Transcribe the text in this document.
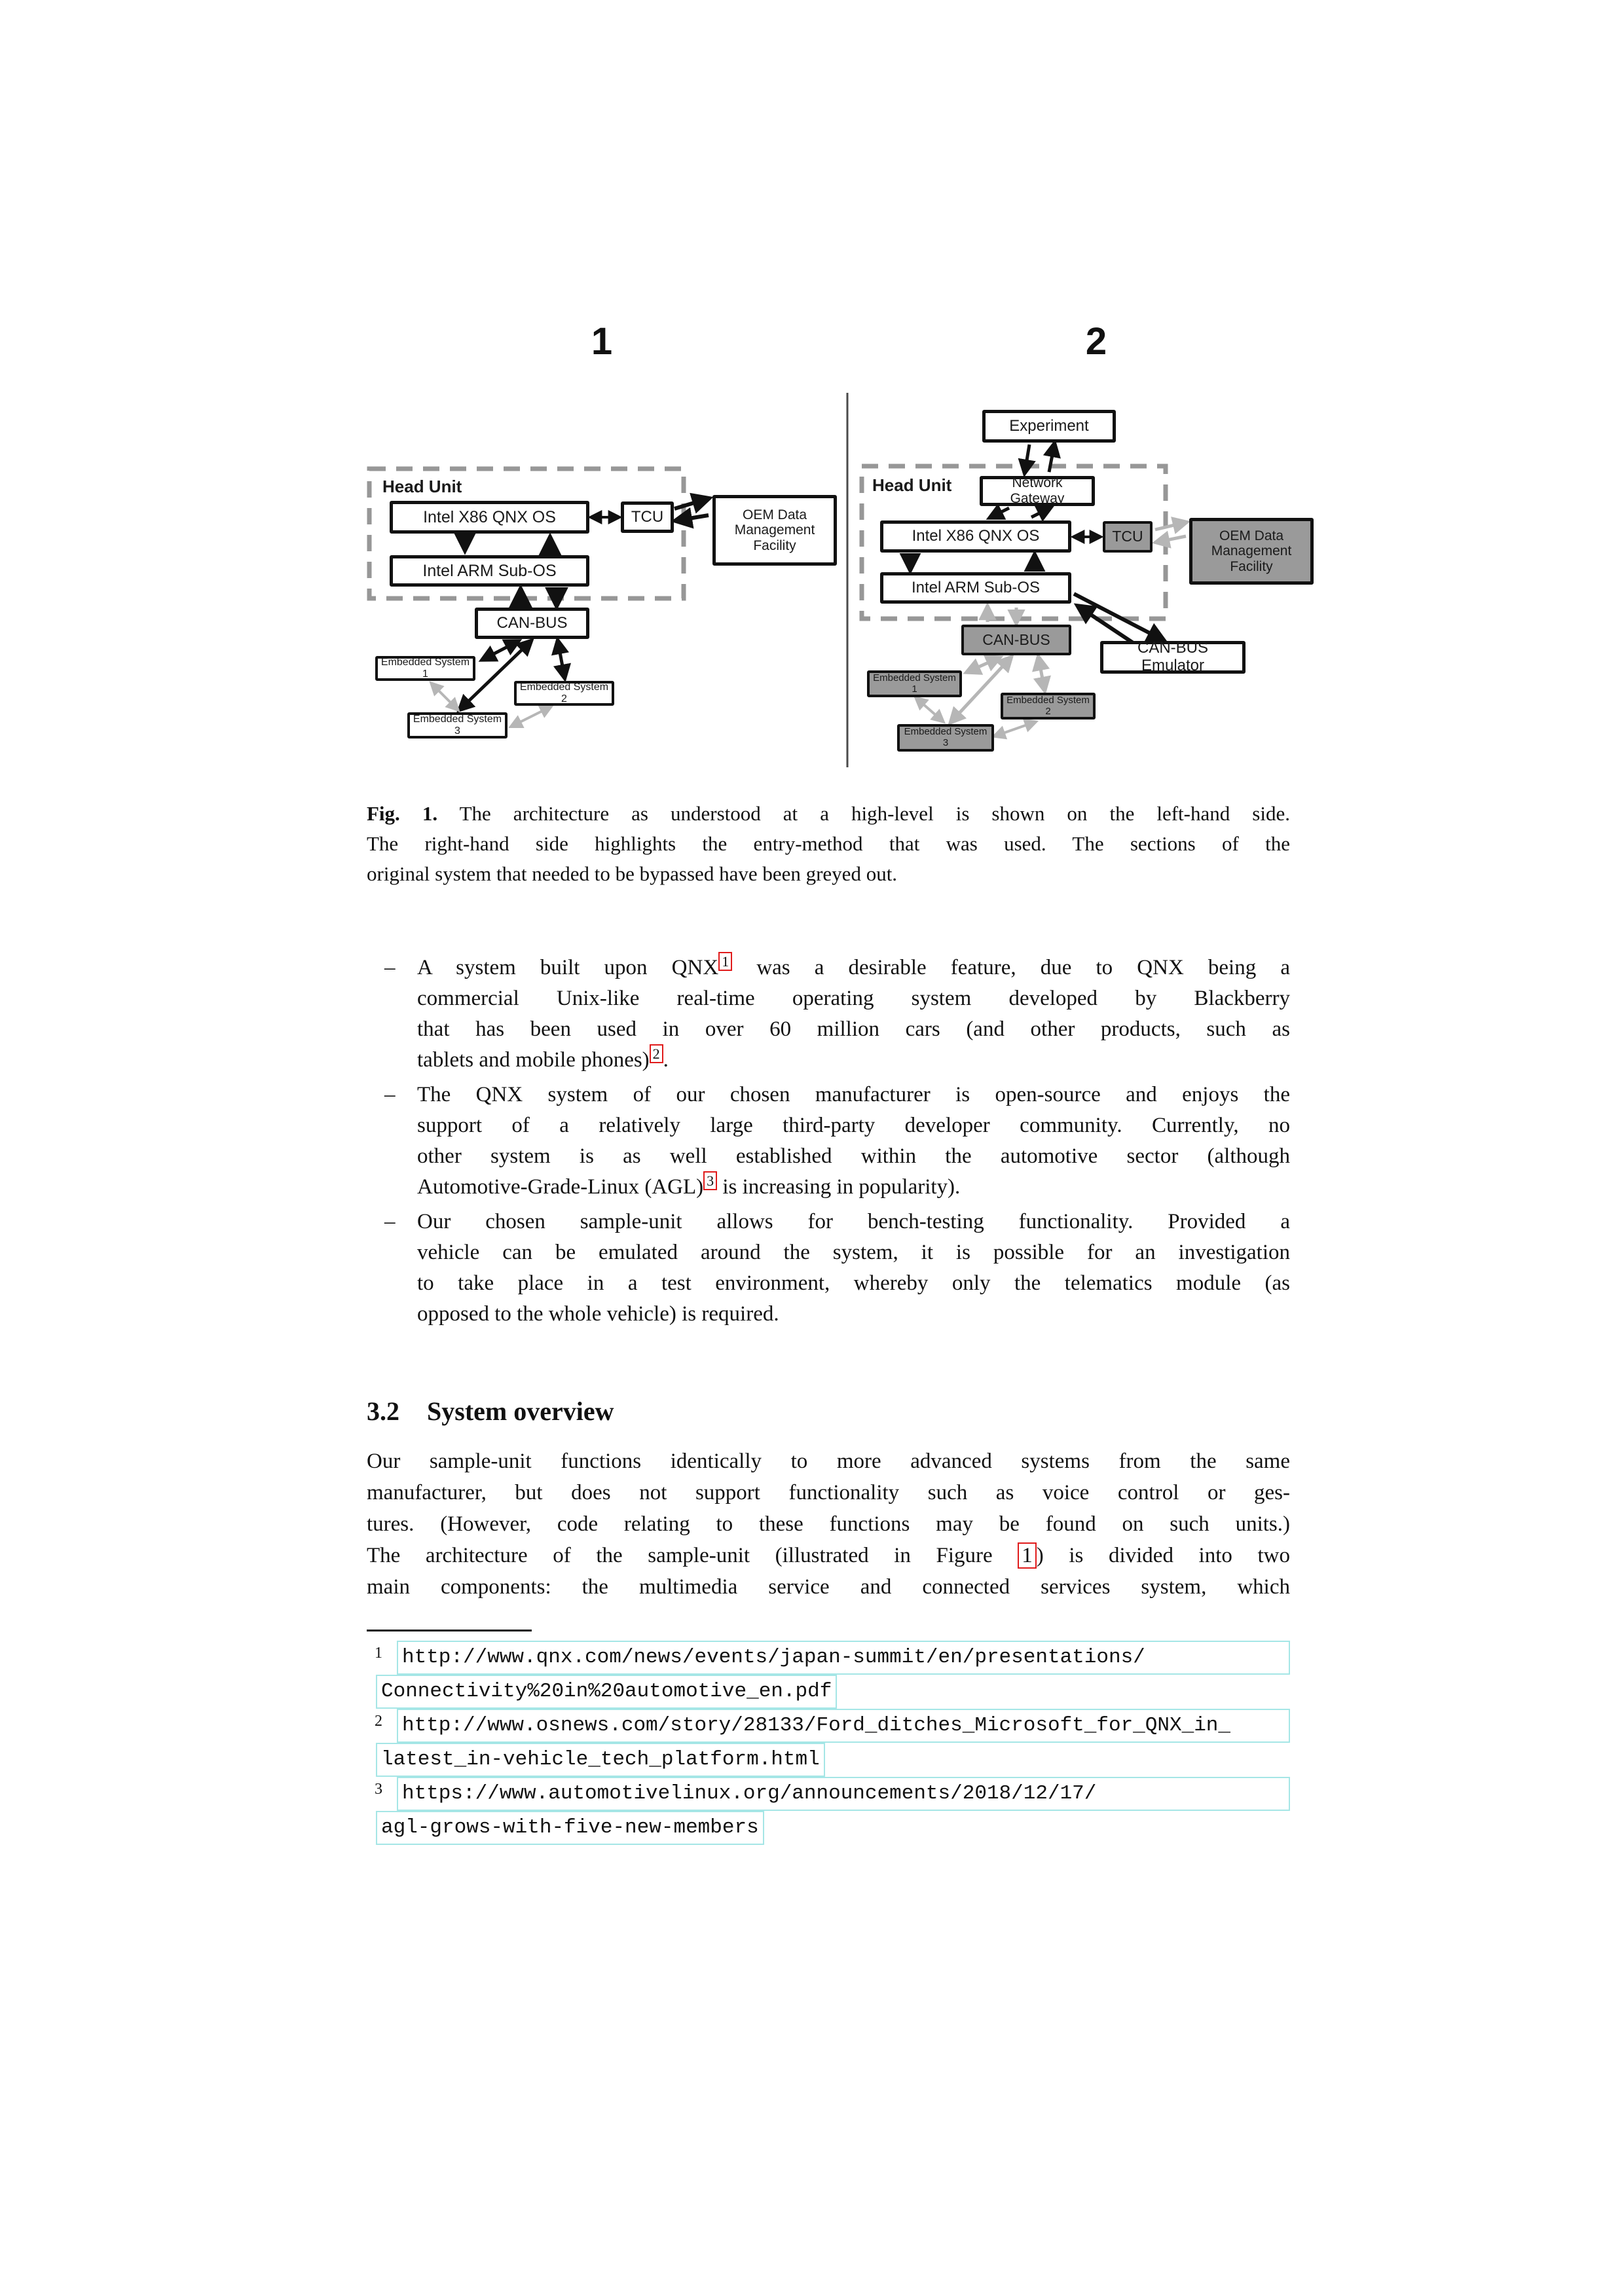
1
Head Unit
Intel X86 QNX OS
Intel ARM Sub-OS
TCU	OEM Data
Management Facility
CAN-BUS
Embedded System 1
Embedded System 2
Embedded System 3
2
Head Unit
Experiment
Network Gateway
Intel X86 QNX OS	TCU	OEM Data
Management Facility
Intel ARM Sub-OS
CAN-BUS	CAN-BUS Emulator
Embedded System 1
Embedded System 2
Embedded System 3
Fig. 1. The architecture as understood at a high-level is shown on the left-hand side.
The right-hand side highlights the entry-method that was used. The sections of the
original system that needed to be bypassed have been greyed out.
– A system built upon QNX $^1$ was a desirable feature, due to QNX being a
commercial Unix-like real-time operating system developed by Blackberry
that has been used in over 60 million cars (and other products, such as
tablets and mobile phones) $^2$ .
– The QNX system of our chosen manufacturer is open-source and enjoys the
support of a relatively large third-party developer community. Currently, no
other system is as well established within the automotive sector (although
Automotive-Grade-Linux (AGL) $^3$ is increasing in popularity).
– Our chosen sample-unit allows for bench-testing functionality. Provided a
vehicle can be emulated around the system, it is possible for an investigation
to take place in a test environment, whereby only the telematics module (as
opposed to the whole vehicle) is required.
3.2 System overview
Our sample-unit functions identically to more advanced systems from the same
manufacturer, but does not support functionality such as voice control or ges-
tures. (However, code relating to these functions may be found on such units.)
The architecture of the sample-unit (illustrated in Figure 1 ) is divided into two
main components: the multimedia service and connected services system, which
1 http://www.qnx.com/news/events/japan-summit/en/presentations/
Connectivity%20in%20automotive_en.pdf
2 http://www.osnews.com/story/28133/Ford_ditches_Microsoft_for_QNX_in_
latest_in-vehicle_tech_platform.html
3 https://www.automotivelinux.org/announcements/2018/12/17/
agl-grows-with-five-new-members
